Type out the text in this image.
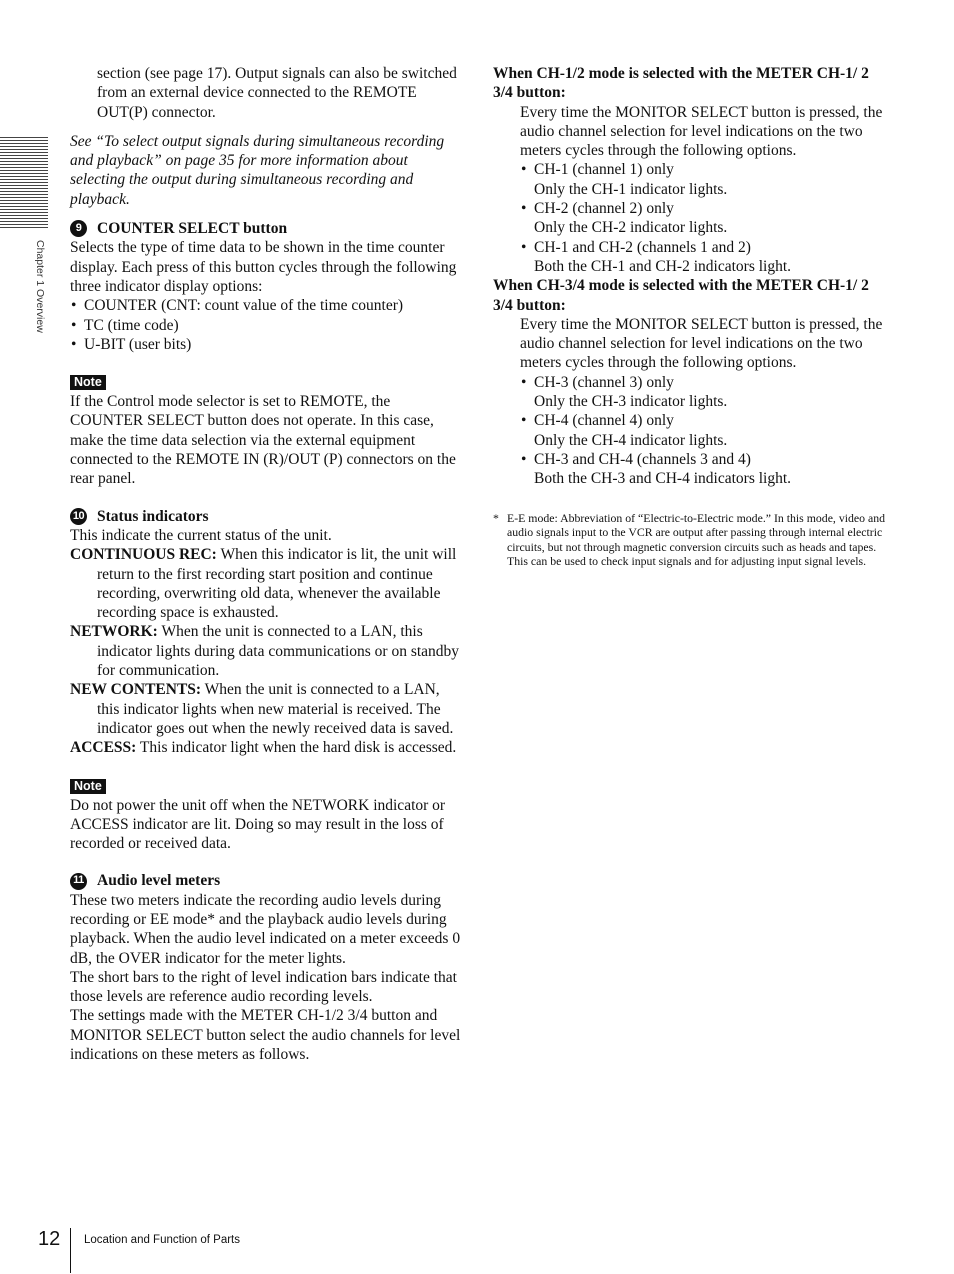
Chapter 1 Overview

section (see page 17). Output signals can also be switched from an external device connected to the REMOTE OUT(P) connector.

See “To select output signals during simultaneous recording and playback” on page 35 for more information about selecting the output during simultaneous recording and playback.

9	COUNTER SELECT button

Selects the type of time data to be shown in the time counter display. Each press of this button cycles through the following three indicator display options:

• COUNTER (CNT: count value of the time counter)
• TC (time code)
• U-BIT (user bits)
Note

If the Control mode selector is set to REMOTE, the COUNTER SELECT button does not operate. In this case, make the time data selection via the external equipment connected to the REMOTE IN (R)/OUT (P) connectors on the rear panel.

10 Status indicators

This indicate the current status of the unit.

CONTINUOUS REC: When this indicator is lit, the unit will return to the first recording start position and continue recording, overwriting old data, whenever the available recording space is exhausted.

NETWORK: When the unit is connected to a LAN, this indicator lights during data communications or on standby for communication.

NEW CONTENTS: When the unit is connected to a LAN, this indicator lights when new material is received. The indicator goes out when the newly received data is saved.

ACCESS: This indicator light when the hard disk is accessed.

Note

Do not power the unit off when the NETWORK indicator or ACCESS indicator are lit. Doing so may result in the loss of recorded or received data.

11 Audio level meters

These two meters indicate the recording audio levels during recording or EE mode* and the playback audio levels during playback. When the audio level indicated on a meter exceeds 0 dB, the OVER indicator for the meter lights.

The short bars to the right of level indication bars indicate that those levels are reference audio recording levels.

The settings made with the METER CH-1/2 3/4 button and MONITOR SELECT button select the audio channels for level indications on these meters as follows.

When CH-1/2 mode is selected with the METER CH-1/ 2 3/4 button:

Every time the MONITOR SELECT button is pressed, the audio channel selection for level indications on the two meters cycles through the following options.

• CH-1 (channel 1) only
Only the CH-1 indicator lights.
• CH-2 (channel 2) only
Only the CH-2 indicator lights.
• CH-1 and CH-2 (channels 1 and 2)
Both the CH-1 and CH-2 indicators light.

When CH-3/4 mode is selected with the METER CH-1/ 2 3/4 button:

Every time the MONITOR SELECT button is pressed, the audio channel selection for level indications on the two meters cycles through the following options.

• CH-3 (channel 3) only
Only the CH-3 indicator lights.
• CH-4 (channel 4) only
Only the CH-4 indicator lights.
• CH-3 and CH-4 (channels 3 and 4)
Both the CH-3 and CH-4 indicators light.
* E-E mode: Abbreviation of “Electric-to-Electric mode.” In this mode, video and audio signals input to the VCR are output after passing through internal electric circuits, but not through magnetic conversion circuits such as heads and tapes. This can be used to check input signals and for adjusting input signal levels.

12 Location and Function of Parts
